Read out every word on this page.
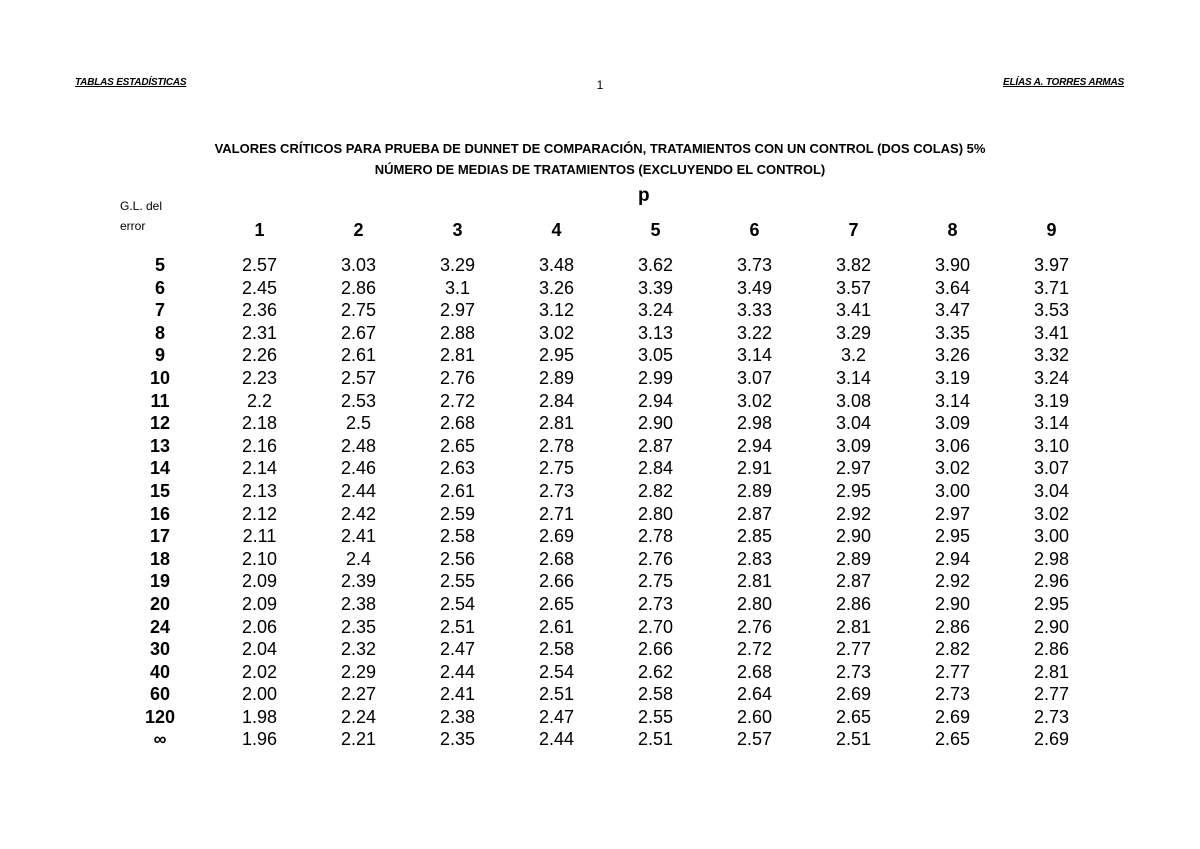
TABLAS ESTADÍSTICAS	1	ELÍAS A. TORRES ARMAS
VALORES CRÍTICOS PARA PRUEBA DE DUNNET DE COMPARACIÓN, TRATAMIENTOS CON UN CONTROL (DOS COLAS) 5%
NÚMERO DE MEDIAS DE TRATAMIENTOS (EXCLUYENDO EL CONTROL)
p
G.L. del
error
		1	2	3	4	5	6	7	8	9

5	2.57	3.03	3.29	3.48	3.62	3.73	3.82	3.90	3.97
6	2.45	2.86	3.1	3.26	3.39	3.49	3.57	3.64	3.71
7	2.36	2.75	2.97	3.12	3.24	3.33	3.41	3.47	3.53
8	2.31	2.67	2.88	3.02	3.13	3.22	3.29	3.35	3.41
9	2.26	2.61	2.81	2.95	3.05	3.14	3.2	3.26	3.32
10	2.23	2.57	2.76	2.89	2.99	3.07	3.14	3.19	3.24
11	2.2	2.53	2.72	2.84	2.94	3.02	3.08	3.14	3.19
12	2.18	2.5	2.68	2.81	2.90	2.98	3.04	3.09	3.14
13	2.16	2.48	2.65	2.78	2.87	2.94	3.09	3.06	3.10
14	2.14	2.46	2.63	2.75	2.84	2.91	2.97	3.02	3.07
15	2.13	2.44	2.61	2.73	2.82	2.89	2.95	3.00	3.04
16	2.12	2.42	2.59	2.71	2.80	2.87	2.92	2.97	3.02
17	2.11	2.41	2.58	2.69	2.78	2.85	2.90	2.95	3.00
18	2.10	2.4	2.56	2.68	2.76	2.83	2.89	2.94	2.98
19	2.09	2.39	2.55	2.66	2.75	2.81	2.87	2.92	2.96
20	2.09	2.38	2.54	2.65	2.73	2.80	2.86	2.90	2.95
24	2.06	2.35	2.51	2.61	2.70	2.76	2.81	2.86	2.90
30	2.04	2.32	2.47	2.58	2.66	2.72	2.77	2.82	2.86
40	2.02	2.29	2.44	2.54	2.62	2.68	2.73	2.77	2.81
60	2.00	2.27	2.41	2.51	2.58	2.64	2.69	2.73	2.77
120	1.98	2.24	2.38	2.47	2.55	2.60	2.65	2.69	2.73
∞	1.96	2.21	2.35	2.44	2.51	2.57	2.51	2.65	2.69
